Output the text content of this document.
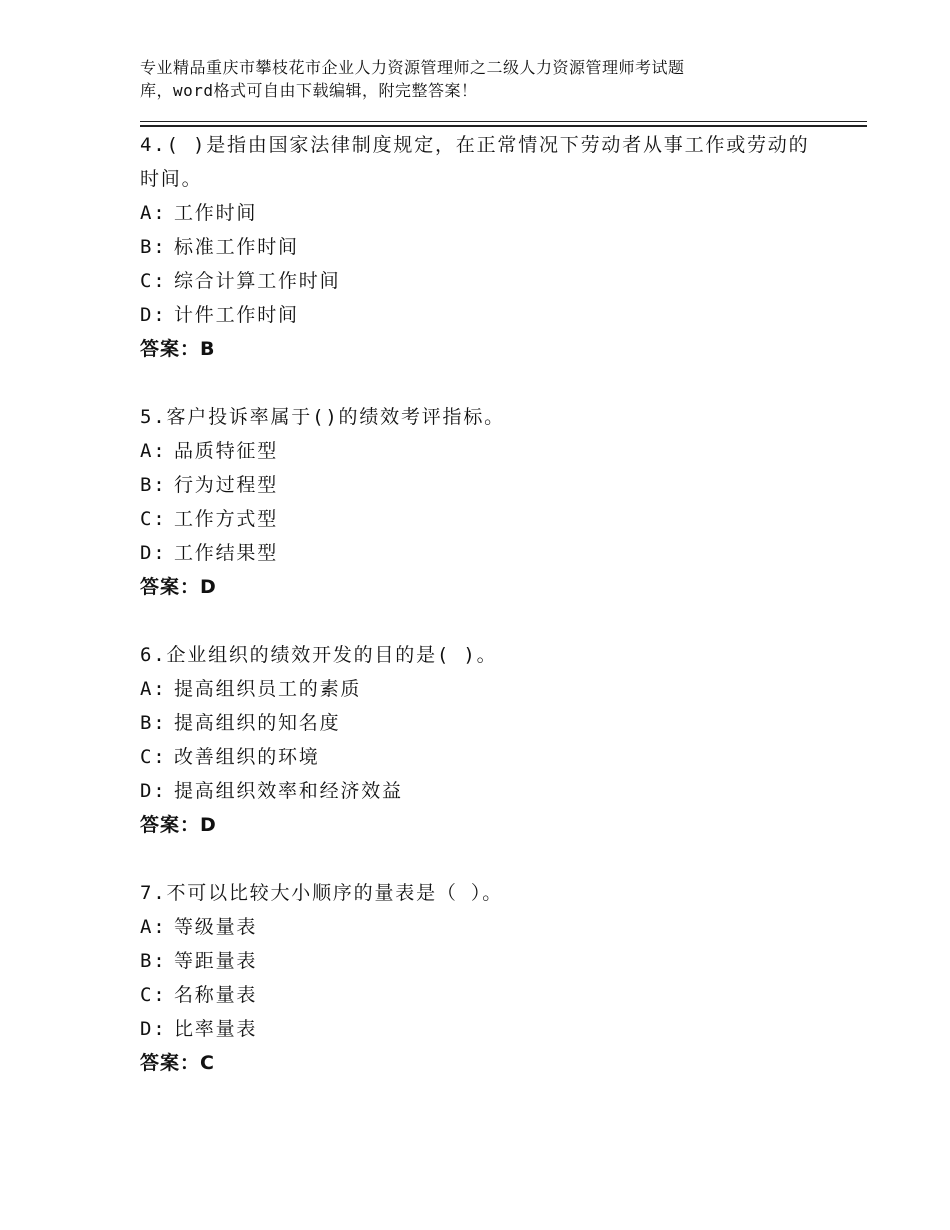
专业精品重庆市攀枝花市企业人力资源管理师之二级人力资源管理师考试题
库，word格式可自由下载编辑，附完整答案！
4.( )是指由国家法律制度规定，在正常情况下劳动者从事工作或劳动的时间。
A: 工作时间
B: 标准工作时间
C: 综合计算工作时间
D: 计件工作时间
答案：B
5.客户投诉率属于()的绩效考评指标。
A: 品质特征型
B: 行为过程型
C: 工作方式型
D: 工作结果型
答案：D
6.企业组织的绩效开发的目的是( )。
A: 提高组织员工的素质
B: 提高组织的知名度
C: 改善组织的环境
D: 提高组织效率和经济效益
答案：D
7.不可以比较大小顺序的量表是（ ）。
A: 等级量表
B: 等距量表
C: 名称量表
D: 比率量表
答案：C
